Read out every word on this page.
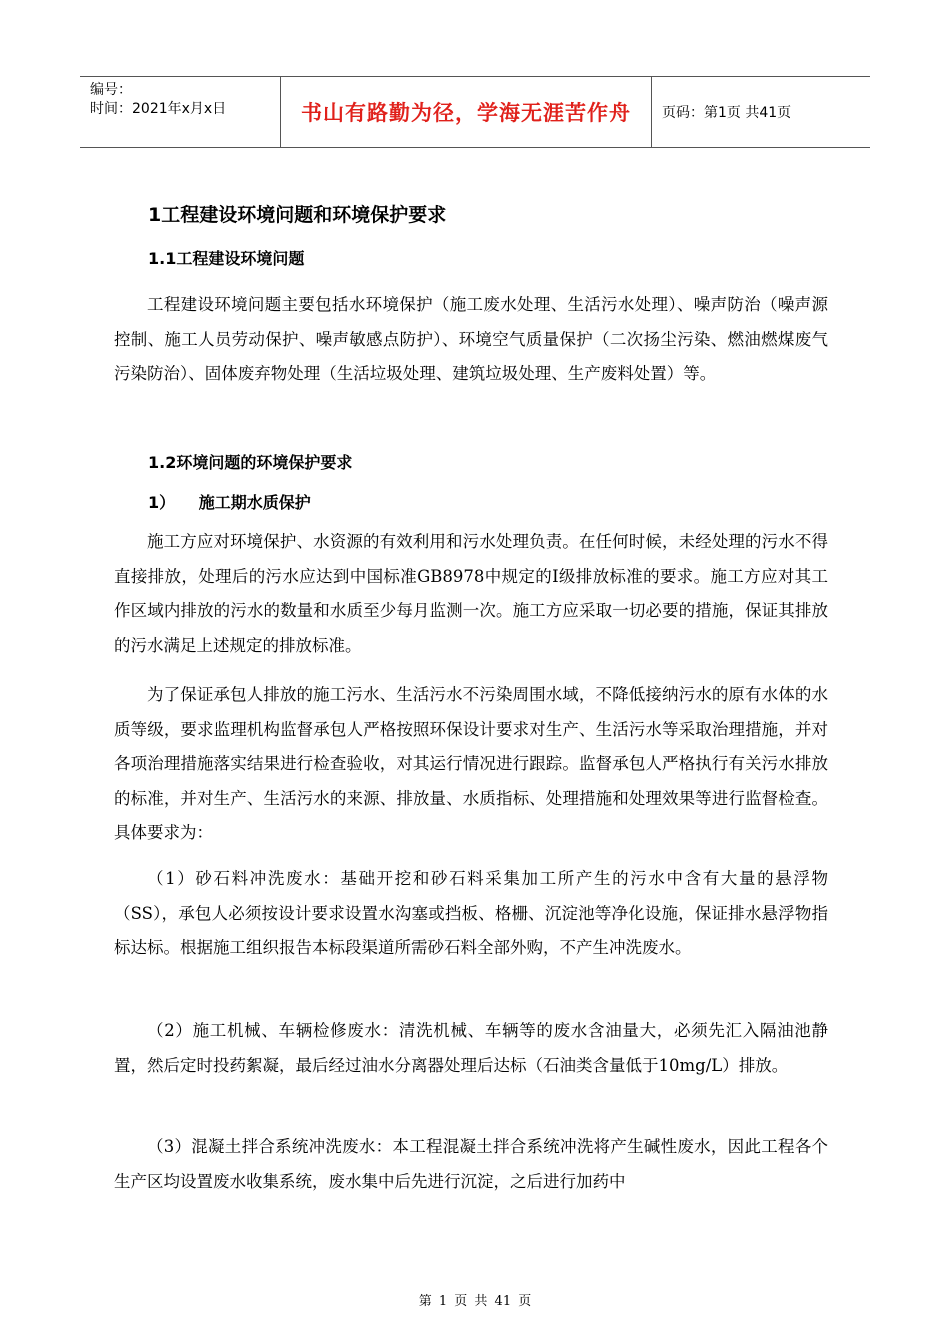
编号：
时间：2021年x月x日	书山有路勤为径，学海无涯苦作舟	页码：第1页 共41页
1工程建设环境问题和环境保护要求
1.1工程建设环境问题

工程建设环境问题主要包括水环境保护（施工废水处理、生活污水处理）、噪声防治（噪声源控制、施工人员劳动保护、噪声敏感点防护）、环境空气质量保护（二次扬尘污染、燃油燃煤废气污染防治）、固体废弃物处理（生活垃圾处理、建筑垃圾处理、生产废料处置）等。

1.2环境问题的环境保护要求
1） 施工期水质保护

施工方应对环境保护、水资源的有效利用和污水处理负责。在任何时候，未经处理的污水不得直接排放，处理后的污水应达到中国标准GB8978中规定的Ⅰ级排放标准的要求。施工方应对其工作区域内排放的污水的数量和水质至少每月监测一次。施工方应采取一切必要的措施，保证其排放的污水满足上述规定的排放标准。

为了保证承包人排放的施工污水、生活污水不污染周围水域，不降低接纳污水的原有水体的水质等级，要求监理机构监督承包人严格按照环保设计要求对生产、生活污水等采取治理措施，并对各项治理措施落实结果进行检查验收，对其运行情况进行跟踪。监督承包人严格执行有关污水排放的标准，并对生产、生活污水的来源、排放量、水质指标、处理措施和处理效果等进行监督检查。具体要求为：

（1）砂石料冲洗废水：基础开挖和砂石料采集加工所产生的污水中含有大量的悬浮物（SS），承包人必须按设计要求设置水沟塞或挡板、格栅、沉淀池等净化设施，保证排水悬浮物指标达标。根据施工组织报告本标段渠道所需砂石料全部外购，不产生冲洗废水。

（2）施工机械、车辆检修废水：清洗机械、车辆等的废水含油量大，必须先汇入隔油池静置，然后定时投药絮凝，最后经过油水分离器处理后达标（石油类含量低于10mg/L）排放。

（3）混凝土拌合系统冲洗废水：本工程混凝土拌合系统冲洗将产生碱性废水，因此工程各个生产区均设置废水收集系统，废水集中后先进行沉淀，之后进行加药中

第 1 页 共 41 页
